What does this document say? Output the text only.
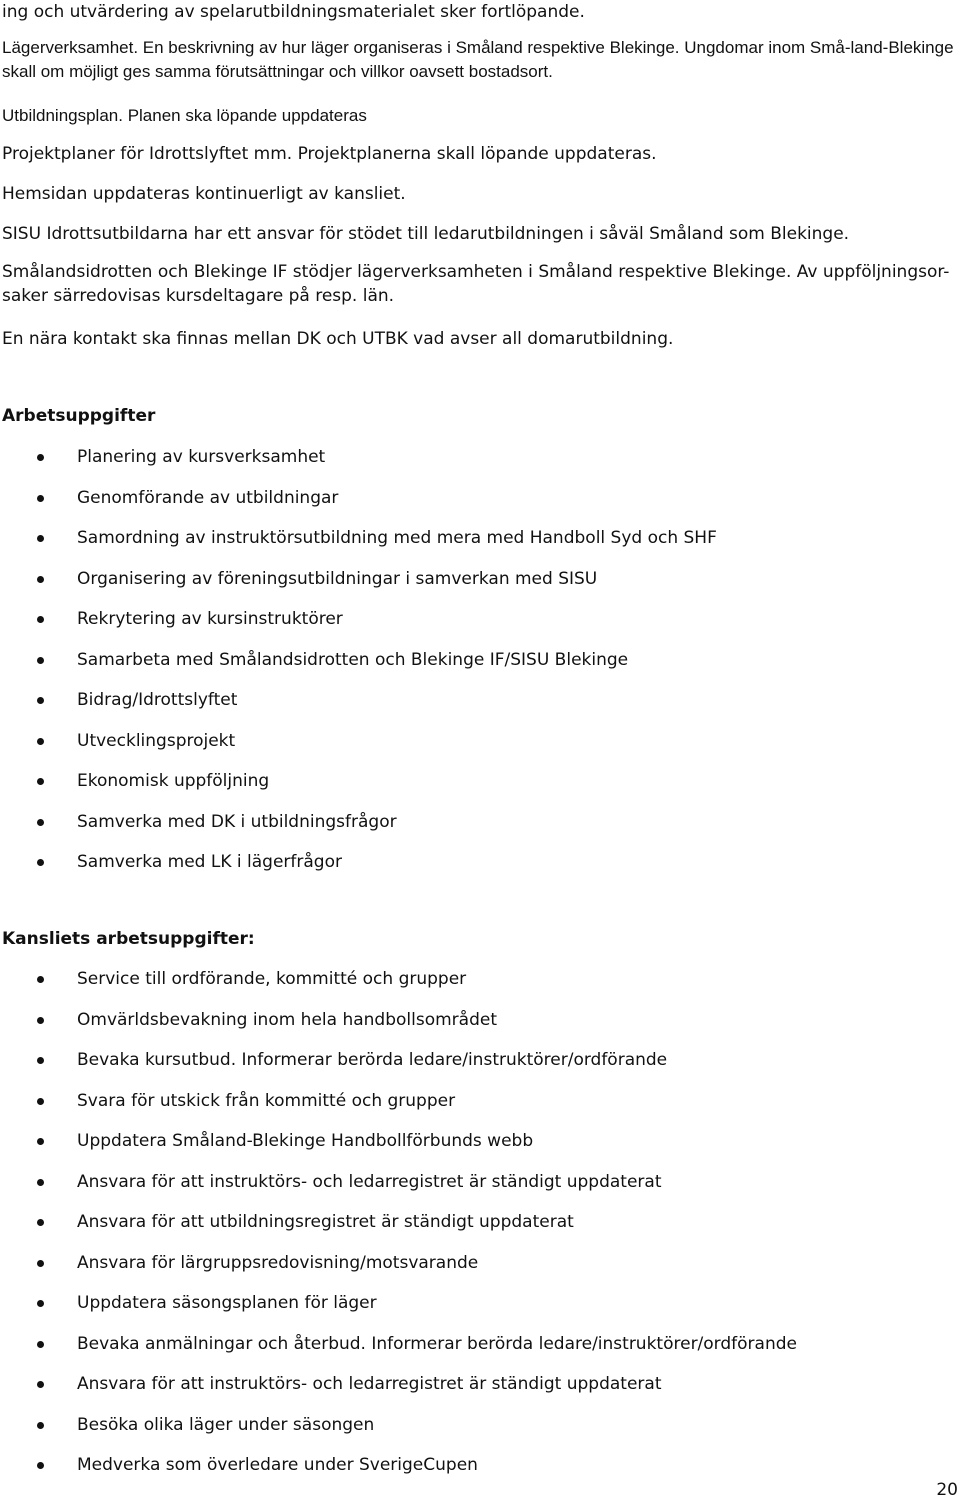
ing och utvärdering av spelarutbildningsmaterialet sker fortlöpande.

Lägerverksamhet. En beskrivning av hur läger organiseras i Småland respektive Blekinge. Ungdomar inom Små-land-Blekinge skall om möjligt ges samma förutsättningar och villkor oavsett bostadsort.

Utbildningsplan. Planen ska löpande uppdateras

Projektplaner för Idrottslyftet mm. Projektplanerna skall löpande uppdateras.

Hemsidan uppdateras kontinuerligt av kansliet.

SISU Idrottsutbildarna har ett ansvar för stödet till ledarutbildningen i såväl Småland som Blekinge.

Smålandsidrotten och Blekinge IF stödjer lägerverksamheten i Småland respektive Blekinge. Av uppföljningsor-saker särredovisas kursdeltagare på resp. län.

En nära kontakt ska finnas mellan DK och UTBK vad avser all domarutbildning.

Arbetsuppgifter
Planering av kursverksamhet
Genomförande av utbildningar
Samordning av instruktörsutbildning med mera med Handboll Syd och SHF
Organisering av föreningsutbildningar i samverkan med SISU
Rekrytering av kursinstruktörer
Samarbeta med Smålandsidrotten och Blekinge IF/SISU Blekinge
Bidrag/Idrottslyftet
Utvecklingsprojekt
Ekonomisk uppföljning
Samverka med DK i utbildningsfrågor
Samverka med LK i lägerfrågor
Kansliets arbetsuppgifter:
Service till ordförande, kommitté och grupper
Omvärldsbevakning inom hela handbollsområdet
Bevaka kursutbud. Informerar berörda ledare/instruktörer/ordförande
Svara för utskick från kommitté och grupper
Uppdatera Småland-Blekinge Handbollförbunds webb
Ansvara för att instruktörs- och ledarregistret är ständigt uppdaterat
Ansvara för att utbildningsregistret är ständigt uppdaterat
Ansvara för lärgruppsredovisning/motsvarande
Uppdatera säsongsplanen för läger
Bevaka anmälningar och återbud. Informerar berörda ledare/instruktörer/ordförande
Ansvara för att instruktörs- och ledarregistret är ständigt uppdaterat
Besöka olika läger under säsongen
Medverka som överledare under SverigeCupen
20
